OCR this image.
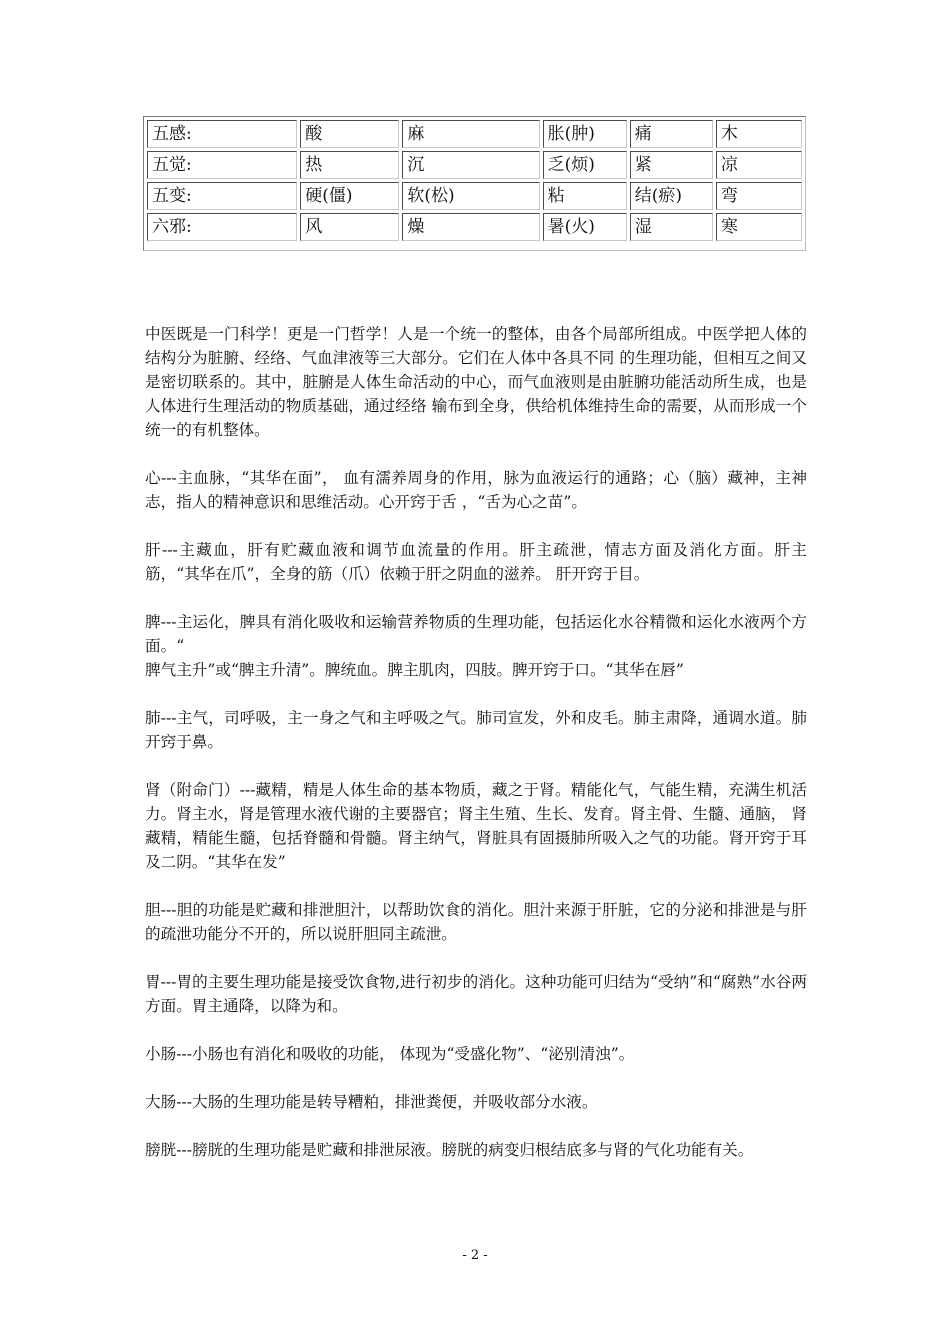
五感:	酸	麻	胀(肿)	痛	木
五觉:	热	沉	乏(烦)	紧	凉
五变:	硬(僵)	软(松)	粘	结(瘀)	弯
六邪:	风	燥	暑(火)	湿	寒

中医既是一门科学！更是一门哲学！人是一个统一的整体，由各个局部所组成。中医学把人体的结构分为脏腑、经络、气血津液等三大部分。它们在人体中各具不同 的生理功能，但相互之间又是密切联系的。其中，脏腑是人体生命活动的中心，而气血液则是由脏腑功能活动所生成，也是人体进行生理活动的物质基础，通过经络 输布到全身，供给机体维持生命的需要，从而形成一个统一的有机整体。

心---主血脉，“其华在面”， 血有濡养周身的作用，脉为血液运行的通路；心（脑）藏神，主神志，指人的精神意识和思维活动。心开窍于舌 ，“舌为心之苗”。

肝---主藏血，肝有贮藏血液和调节血流量的作用。肝主疏泄，情志方面及消化方面。肝主筋，“其华在爪”，全身的筋（爪）依赖于肝之阴血的滋养。 肝开窍于目。

脾---主运化，脾具有消化吸收和运输营养物质的生理功能，包括运化水谷精微和运化水液两个方面。“
脾气主升”或“脾主升清”。脾统血。脾主肌肉，四肢。脾开窍于口。“其华在唇”

肺---主气，司呼吸，主一身之气和主呼吸之气。肺司宣发，外和皮毛。肺主肃降，通调水道。肺开窍于鼻。

肾（附命门）---藏精，精是人体生命的基本物质，藏之于肾。精能化气，气能生精，充满生机活力。肾主水，肾是管理水液代谢的主要器官；肾主生殖、生长、发育。肾主骨、生髓、通脑， 肾藏精，精能生髓，包括脊髓和骨髓。肾主纳气，肾脏具有固摄肺所吸入之气的功能。肾开窍于耳及二阴。“其华在发”

胆---胆的功能是贮藏和排泄胆汁，以帮助饮食的消化。胆汁来源于肝脏，它的分泌和排泄是与肝的疏泄功能分不开的，所以说肝胆同主疏泄。

胃---胃的主要生理功能是接受饮食物,进行初步的消化。这种功能可归结为“受纳”和“腐熟”水谷两方面。胃主通降，以降为和。

小肠---小肠也有消化和吸收的功能， 体现为“受盛化物”、“泌别清浊”。

大肠---大肠的生理功能是转导糟粕，排泄粪便，并吸收部分水液。

膀胱---膀胱的生理功能是贮藏和排泄尿液。膀胱的病变归根结底多与肾的气化功能有关。

- 2 -
